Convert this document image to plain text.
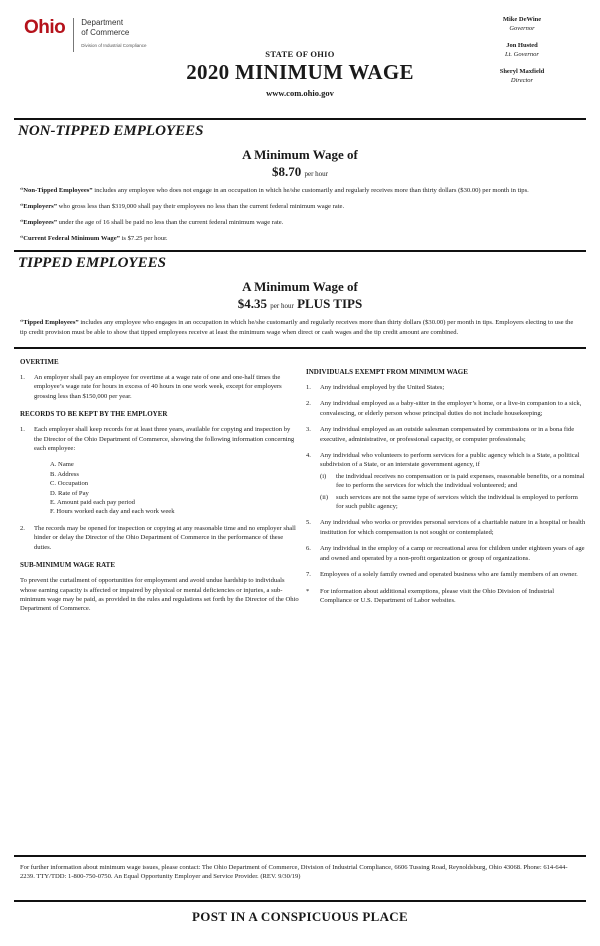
Ohio Department
of Commerce
Division of Industrial Compliance
Mike DeWine
Governor
Jon Husted
Lt. Governor
Sheryl Maxfield
Director
STATE OF OHIO
2020 MINIMUM WAGE
www.com.ohio.gov
NON-TIPPED EMPLOYEES
A Minimum Wage of
$8.70 per hour

“Non-Tipped Employees” includes any employee who does not engage in an occupation in which he/she customarily and regularly receives more than thirty dollars ($30.00) per month in tips.

“Employers” who gross less than $319,000 shall pay their employees no less than the current federal minimum wage rate.

“Employees” under the age of 16 shall be paid no less than the current federal minimum wage rate.

“Current Federal Minimum Wage” is $7.25 per hour.

TIPPED EMPLOYEES
A Minimum Wage of
$4.35 per hour PLUS TIPS

“Tipped Employees” includes any employee who engages in an occupation in which he/she customarily and regularly receives more than thirty dollars ($30.00) per month in tips. Employers electing to use the tip credit provision must be able to show that tipped employees receive at least the minimum wage when direct or cash wages and the tip credit amount are combined.

OVERTIME
1.	An employer shall pay an employee for overtime at a wage rate of one and one-half times the employee’s wage rate for hours in excess of 40 hours in one work week, except for employers grossing less than $150,000 per year.
RECORDS TO BE KEPT BY THE EMPLOYER
1.	Each employer shall keep records for at least three years, available for copying and inspection by the Director of the Ohio Department of Commerce, showing the following information concerning each employee:
A. Name
B. Address
C. Occupation
D. Rate of Pay
E. Amount paid each pay period
F. Hours worked each day and each work week
2.	The records may be opened for inspection or copying at any reasonable time and no employer shall hinder or delay the Director of the Ohio Department of Commerce in the performance of these duties.
SUB-MINIMUM WAGE RATE
To prevent the curtailment of opportunities for employment and avoid undue hardship to individuals whose earning capacity is affected or impaired by physical or mental deficiencies or injuries, a sub-minimum wage may be paid, as provided in the rules and regulations set forth by the Director of the Ohio Department of Commerce.
INDIVIDUALS EXEMPT FROM MINIMUM WAGE
1.	Any individual employed by the United States;
2.	Any individual employed as a baby-sitter in the employer’s home, or a live-in companion to a sick, convalescing, or elderly person whose principal duties do not include housekeeping;
3.	Any individual employed as an outside salesman compensated by commissions or in a bona fide executive, administrative, or professional capacity, or computer professionals;
4.	Any individual who volunteers to perform services for a public agency which is a State, a political subdivision of a State, or an interstate government agency, if
(i)	the individual receives no compensation or is paid expenses, reasonable benefits, or a nominal fee to perform the services for which the individual volunteered; and
(ii)	such services are not the same type of services which the individual is employed to perform for such public agency;
5.	Any individual who works or provides personal services of a charitable nature in a hospital or health institution for which compensation is not sought or contemplated;
6.	Any individual in the employ of a camp or recreational area for children under eighteen years of age and owned and operated by a non-profit organization or group of organizations.
7.	Employees of a solely family owned and operated business who are family members of an owner.
*	For information about additional exemptions, please visit the Ohio Division of Industrial Compliance or U.S. Department of Labor websites.
For further information about minimum wage issues, please contact: The Ohio Department of Commerce, Division of Industrial Compliance, 6606 Tussing Road, Reynoldsburg, Ohio 43068. Phone: 614-644-2239. TTY/TDD: 1-800-750-0750. An Equal Opportunity Employer and Service Provider. (REV. 9/30/19)
POST IN A CONSPICUOUS PLACE
